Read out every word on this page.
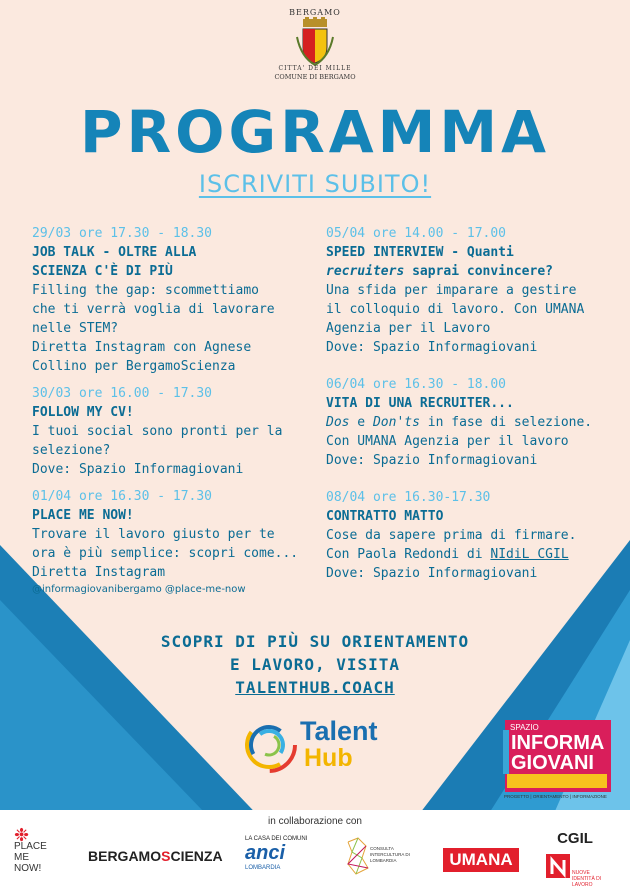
BERGAMO
CITTA' DEI MILLE
COMUNE DI BERGAMO
PROGRAMMA
ISCRIVITI SUBITO!
29/03 ore 17.30 - 18.30
JOB TALK - OLTRE ALLA
SCIENZA C'È DI PIÙ
Filling the gap: scommettiamo
che ti verrà voglia di lavorare
nelle STEM?
Diretta Instagram con Agnese
Collino per BergamoScienza
30/03 ore 16.00 - 17.30
FOLLOW MY CV!
I tuoi social sono pronti per la
selezione?
Dove: Spazio Informagiovani
01/04 ore 16.30 - 17.30
PLACE ME NOW!
Trovare il lavoro giusto per te
ora è più semplice: scopri come...
Diretta Instagram
@informagiovanibergamo @place-me-now
05/04 ore 14.00 - 17.00
SPEED INTERVIEW - Quanti
recruiters saprai convincere?
Una sfida per imparare a gestire
il colloquio di lavoro. Con UMANA
Agenzia per il Lavoro
Dove: Spazio Informagiovani
06/04 ore 16.30 - 18.00
VITA DI UNA RECRUITER...
Dos e Don'ts in fase di selezione.
Con UMANA Agenzia per il lavoro
Dove: Spazio Informagiovani
08/04 ore 16.30-17.30
CONTRATTO MATTO
Cose da sapere prima di firmare.
Con Paola Redondi di NIdiL CGIL
Dove: Spazio Informagiovani
SCOPRI DI PIÙ SU ORIENTAMENTO
E LAVORO, VISITA
TALENTHUB.COACH
Talent
Hub
SPAZIO
INFORMA
GIOVANI
PROGETTO | ORIENTAMENTO | INFORMAZIONE
in collaborazione con
❉
PLACE
ME
NOW!
BERGAMOSCIENZA
LA CASA DEI COMUNI
anci
LOMBARDIA
CONSULTA INTERCULTURA DI LOMBARDIA	UMANA
CGIL
NUOVE IDENTITÀ DI LAVORO
